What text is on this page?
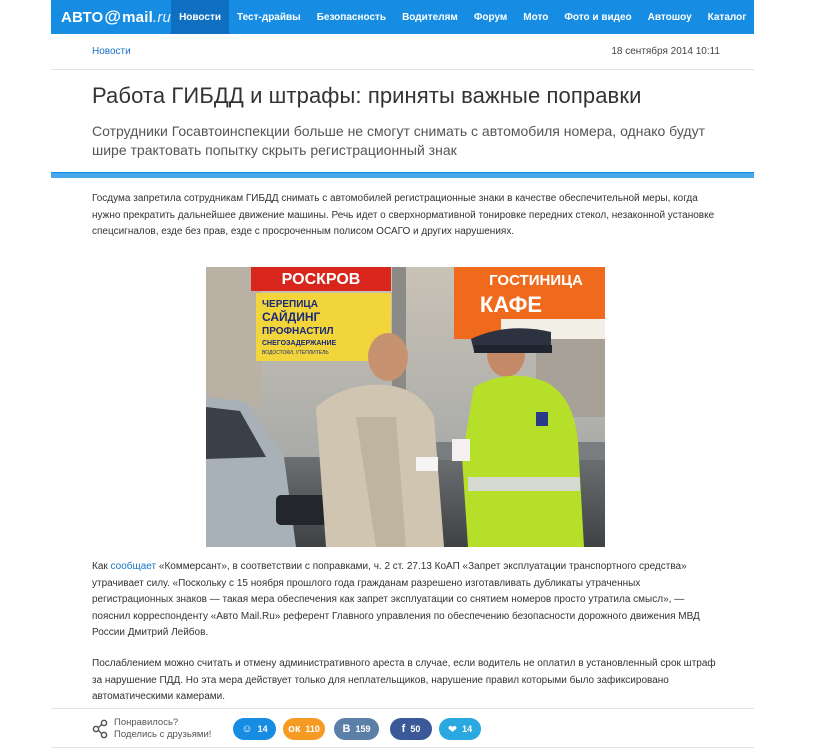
АВТО @ mail .ru Новости	Тест-драйвы	Безопасность	Водителям	Форум	Мото	Фото и видео	Автошоу	Каталог
Новости	18 сентября 2014 10:11
Работа ГИБДД и штрафы: приняты важные поправки
Сотрудники Госавтоинспекции больше не смогут снимать с автомобиля номера, однако будут шире трактовать попытку скрыть регистрационный знак

Госдума запретила сотрудникам ГИБДД снимать с автомобилей регистрационные знаки в качестве обеспечительной меры, когда нужно прекратить дальнейшее движение машины. Речь идет о сверхнормативной тонировке передних стекол, незаконной установке спецсигналов, езде без прав, езде с просроченным полисом ОСАГО и других нарушениях.

РОСКРОВ
ЧЕРЕПИЦА
САЙДИНГ
ПРОФНАСТИЛ
СНЕГОЗАДЕРЖАНИЕ
ВОДОСТОКИ, УТЕПЛИТЕЛЬ
ГОСТИНИЦА
КАФЕ

Как сообщает «Коммерсант», в соответствии с поправками, ч. 2 ст. 27.13 КоАП «Запрет эксплуатации транспортного средства» утрачивает силу. «Поскольку с 15 ноября прошлого года гражданам разрешено изготавливать дубликаты утраченных регистрационных знаков — такая мера обеспечения как запрет эксплуатации со снятием номеров просто утратила смысл», — пояснил корреспонденту «Авто Mail.Ru» референт Главного управления по обеспечению безопасности дорожного движения МВД России Дмитрий Лейбов.

Послаблением можно считать и отмену административного ареста в случае, если водитель не оплатил в установленный срок штраф за нарушение ПДД. Но эта мера действует только для неплательщиков, нарушение правил которыми было зафиксировано автоматическими камерами.

Понравилось?
Поделись с друзьями!	☺ 14 ок 110 В 159	f 50	❤ 14
